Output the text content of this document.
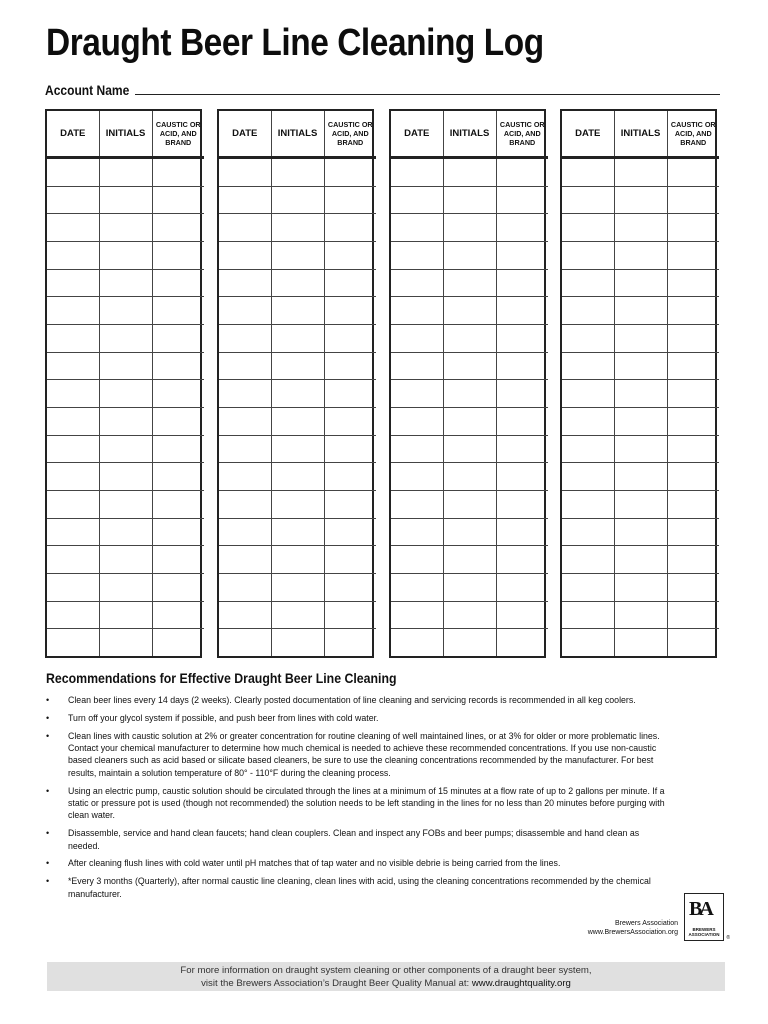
Draught Beer Line Cleaning Log
Account Name
DATE	INITIALS	CAUSTIC OR ACID, AND BRAND

DATE	INITIALS	CAUSTIC OR ACID, AND BRAND

DATE	INITIALS	CAUSTIC OR ACID, AND BRAND

DATE	INITIALS	CAUSTIC OR ACID, AND BRAND

Recommendations for Effective Draught Beer Line Cleaning
• Clean beer lines every 14 days (2 weeks). Clearly posted documentation of line cleaning and servicing records is recommended in all keg coolers.
• Turn off your glycol system if possible, and push beer from lines with cold water.
• Clean lines with caustic solution at 2% or greater concentration for routine cleaning of well maintained lines, or at 3% for older or more problematic lines. Contact your chemical manufacturer to determine how much chemical is needed to achieve these recommended concentrations. If you use non-caustic based cleaners such as acid based or silicate based cleaners, be sure to use the cleaning concentrations recommended by the manufacturer. For best results, maintain a solution temperature of 80° - 110°F during the cleaning process.
• Using an electric pump, caustic solution should be circulated through the lines at a minimum of 15 minutes at a flow rate of up to 2 gallons per minute. If a static or pressure pot is used (though not recommended) the solution needs to be left standing in the lines for no less than 20 minutes before purging with clean water.
• Disassemble, service and hand clean faucets; hand clean couplers. Clean and inspect any FOBs and beer pumps; disassemble and hand clean as needed.
• After cleaning flush lines with cold water until pH matches that of tap water and no visible debrie is being carried from the lines.
• *Every 3 months (Quarterly), after normal caustic line cleaning, clean lines with acid, using the cleaning concentrations recommended by the chemical manufacturer.
Brewers Association
www.BrewersAssociation.org
BA
BREWERS ASSOCIATION
®
For more information on draught system cleaning or other components of a draught beer system,
visit the Brewers Association’s Draught Beer Quality Manual at: www.draughtquality.org
